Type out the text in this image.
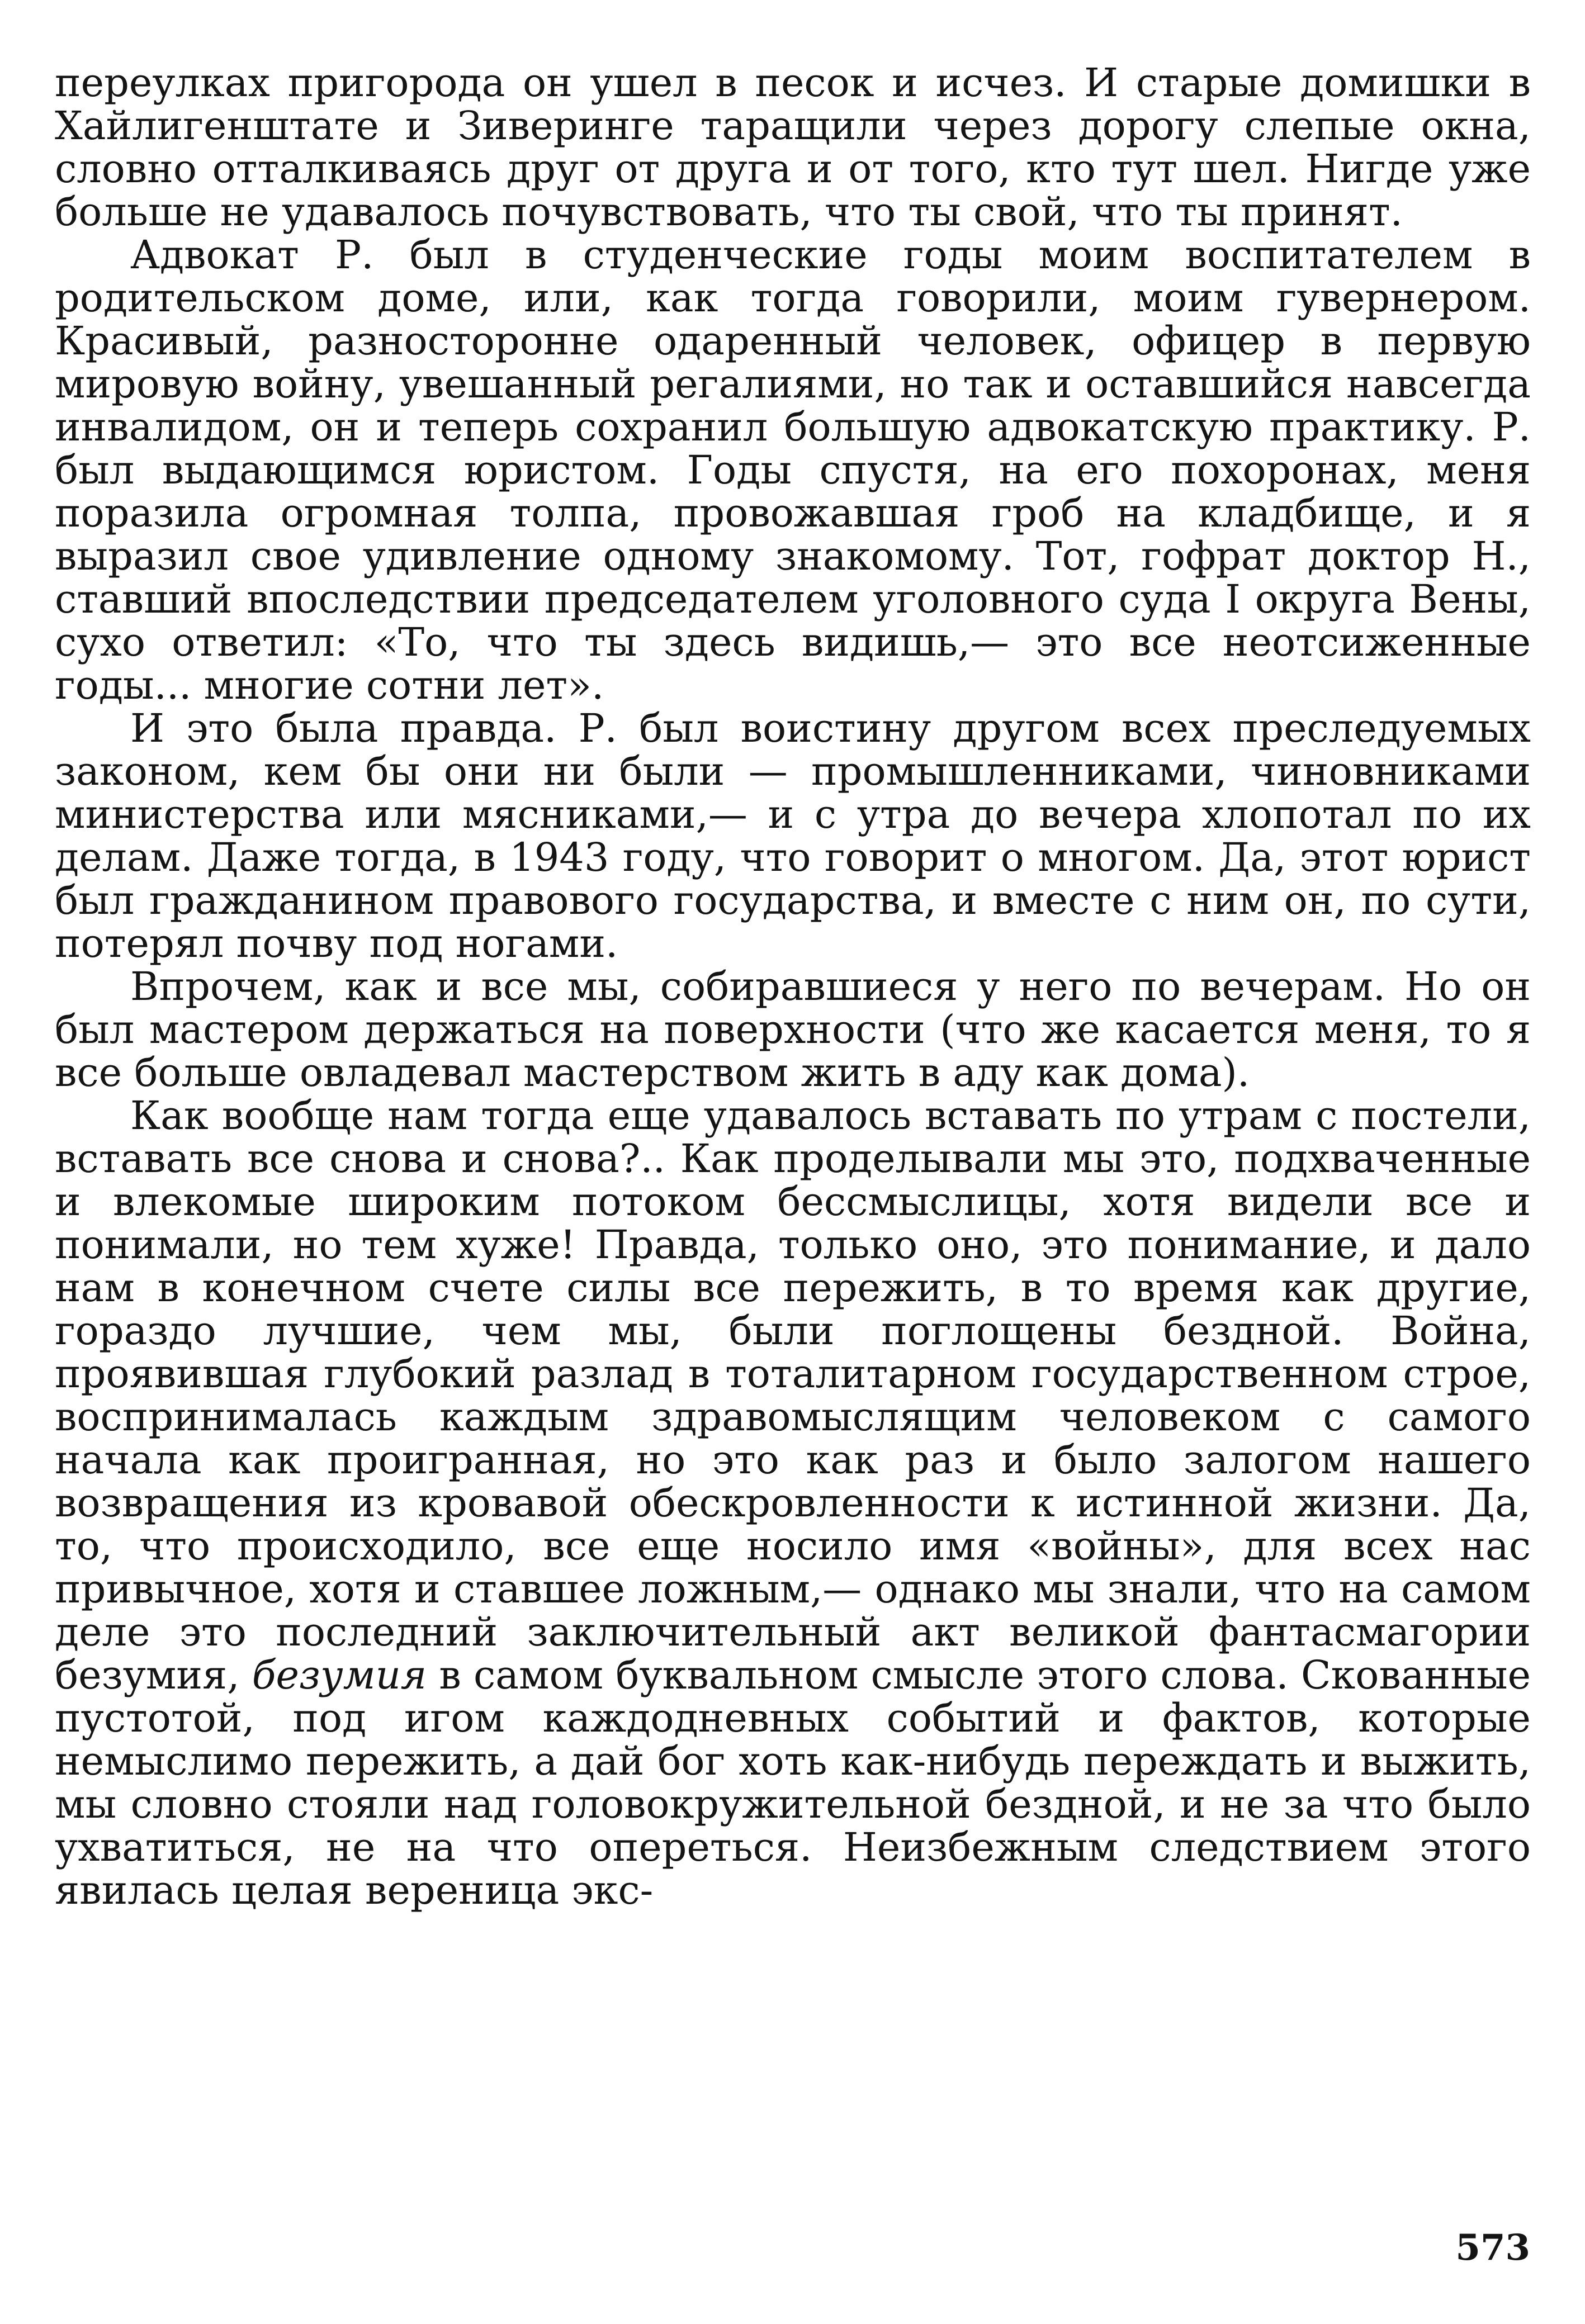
переулках пригорода он ушел в песок и исчез. И старые домишки в Хайлигенштате и Зиверинге таращили через дорогу слепые окна, словно отталкиваясь друг от друга и от того, кто тут шел. Нигде уже больше не удавалось почувствовать, что ты свой, что ты принят.

Адвокат Р. был в студенческие годы моим воспитателем в родительском доме, или, как тогда говорили, моим гувернером. Красивый, разносторонне одаренный человек, офицер в первую мировую войну, увешанный регалиями, но так и оставшийся навсегда инвалидом, он и теперь сохранил большую адвокатскую практику. Р. был выдающимся юристом. Годы спустя, на его похоронах, меня поразила огромная толпа, провожавшая гроб на кладбище, и я выразил свое удивление одному знакомому. Тот, гофрат доктор Н., ставший впоследствии председателем уголовного суда I округа Вены, сухо ответил: «То, что ты здесь видишь,— это все неотсиженные годы... многие сотни лет».

И это была правда. Р. был воистину другом всех преследуемых законом, кем бы они ни были — промышленниками, чиновниками министерства или мясниками,— и с утра до вечера хлопотал по их делам. Даже тогда, в 1943 году, что говорит о многом. Да, этот юрист был гражданином правового государства, и вместе с ним он, по сути, потерял почву под ногами.

Впрочем, как и все мы, собиравшиеся у него по вечерам. Но он был мастером держаться на поверхности (что же касается меня, то я все больше овладевал мастерством жить в аду как дома).

Как вообще нам тогда еще удавалось вставать по утрам с постели, вставать все снова и снова?.. Как проделывали мы это, подхваченные и влекомые широким потоком бессмыслицы, хотя видели все и понимали, но тем хуже! Правда, только оно, это понимание, и дало нам в конечном счете силы все пережить, в то время как другие, гораздо лучшие, чем мы, были поглощены бездной. Война, проявившая глубокий разлад в тоталитарном государственном строе, воспринималась каждым здравомыслящим человеком с самого начала как проигранная, но это как раз и было залогом нашего возвращения из кровавой обескровленности к истинной жизни. Да, то, что происходило, все еще носило имя «войны», для всех нас привычное, хотя и ставшее ложным,— однако мы знали, что на самом деле это последний заключительный акт великой фантасмагории безумия, безумия в самом буквальном смысле этого слова. Скованные пустотой, под игом каждодневных событий и фактов, которые немыслимо пережить, а дай бог хоть как-нибудь переждать и выжить, мы словно стояли над головокружительной бездной, и не за что было ухватиться, не на что опереться. Неизбежным следствием этого явилась целая вереница экс-

573
